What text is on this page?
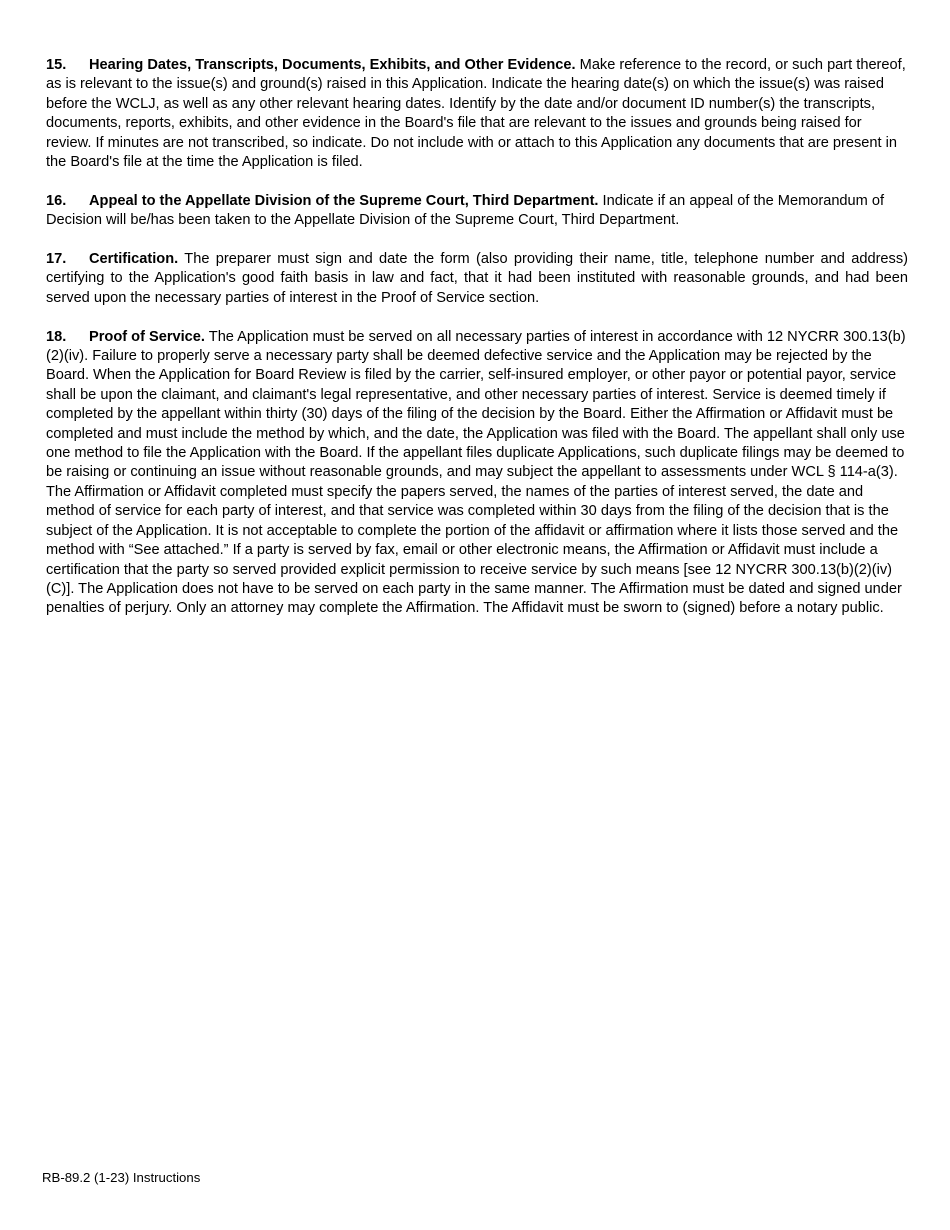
15. Hearing Dates, Transcripts, Documents, Exhibits, and Other Evidence. Make reference to the record, or such part thereof, as is relevant to the issue(s) and ground(s) raised in this Application. Indicate the hearing date(s) on which the issue(s) was raised before the WCLJ, as well as any other relevant hearing dates. Identify by the date and/or document ID number(s) the transcripts, documents, reports, exhibits, and other evidence in the Board's file that are relevant to the issues and grounds being raised for review. If minutes are not transcribed, so indicate. Do not include with or attach to this Application any documents that are present in the Board's file at the time the Application is filed.

16. Appeal to the Appellate Division of the Supreme Court, Third Department. Indicate if an appeal of the Memorandum of Decision will be/has been taken to the Appellate Division of the Supreme Court, Third Department.

17. Certification. The preparer must sign and date the form (also providing their name, title, telephone number and address) certifying to the Application's good faith basis in law and fact, that it had been instituted with reasonable grounds, and had been served upon the necessary parties of interest in the Proof of Service section.

18. Proof of Service. The Application must be served on all necessary parties of interest in accordance with 12 NYCRR 300.13(b)(2)(iv). Failure to properly serve a necessary party shall be deemed defective service and the Application may be rejected by the Board. When the Application for Board Review is filed by the carrier, self-insured employer, or other payor or potential payor, service shall be upon the claimant, and claimant's legal representative, and other necessary parties of interest. Service is deemed timely if completed by the appellant within thirty (30) days of the filing of the decision by the Board. Either the Affirmation or Affidavit must be completed and must include the method by which, and the date, the Application was filed with the Board. The appellant shall only use one method to file the Application with the Board. If the appellant files duplicate Applications, such duplicate filings may be deemed to be raising or continuing an issue without reasonable grounds, and may subject the appellant to assessments under WCL § 114-a(3). The Affirmation or Affidavit completed must specify the papers served, the names of the parties of interest served, the date and method of service for each party of interest, and that service was completed within 30 days from the filing of the decision that is the subject of the Application. It is not acceptable to complete the portion of the affidavit or affirmation where it lists those served and the method with “See attached.” If a party is served by fax, email or other electronic means, the Affirmation or Affidavit must include a certification that the party so served provided explicit permission to receive service by such means [see 12 NYCRR 300.13(b)(2)(iv)(C)]. The Application does not have to be served on each party in the same manner. The Affirmation must be dated and signed under penalties of perjury. Only an attorney may complete the Affirmation. The Affidavit must be sworn to (signed) before a notary public.

RB-89.2 (1-23) Instructions
